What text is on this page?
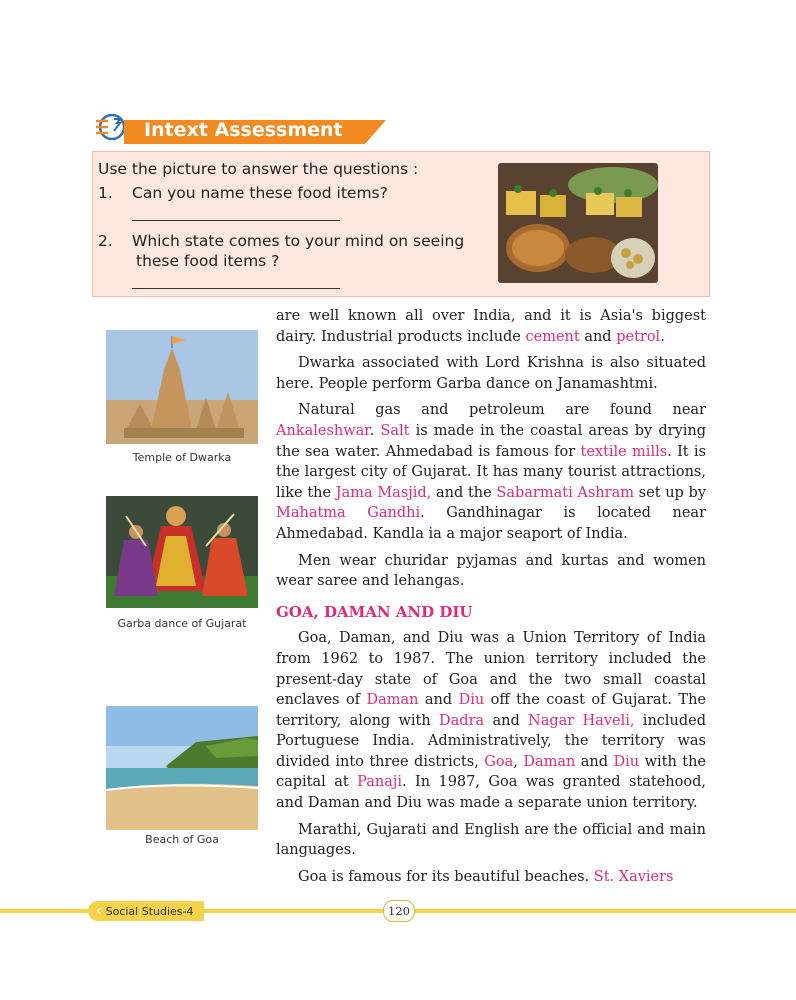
Intext Assessment
Use the picture to answer the questions :
1. Can you name these food items?
2. Which state comes to your mind on seeing
these food items ?
Temple of Dwarka
Garba dance of Gujarat
Beach of Goa

are well known all over India, and it is Asia's biggest dairy. Industrial products include cement and petrol.

Dwarka associated with Lord Krishna is also situated here. People perform Garba dance on Janamashtmi.

Natural gas and petroleum are found near Ankaleshwar. Salt is made in the coastal areas by drying the sea water. Ahmedabad is famous for textile mills. It is the largest city of Gujarat. It has many tourist attractions, like the Jama Masjid, and the Sabarmati Ashram set up by Mahatma Gandhi. Gandhinagar is located near Ahmedabad. Kandla ia a major seaport of India.

Men wear churidar pyjamas and kurtas and women wear saree and lehangas.

GOA, DAMAN AND DIU

Goa, Daman, and Diu was a Union Territory of India from 1962 to 1987. The union territory included the present-day state of Goa and the two small coastal enclaves of Daman and Diu off the coast of Gujarat. The territory, along with Dadra and Nagar Haveli, included Portuguese India. Administratively, the territory was divided into three districts, Goa, Daman and Diu with the capital at Panaji. In 1987, Goa was granted statehood, and Daman and Diu was made a separate union territory.

Marathi, Gujarati and English are the official and main languages.

Goa is famous for its beautiful beaches. St. Xaviers

‹ Social Studies-4	120
